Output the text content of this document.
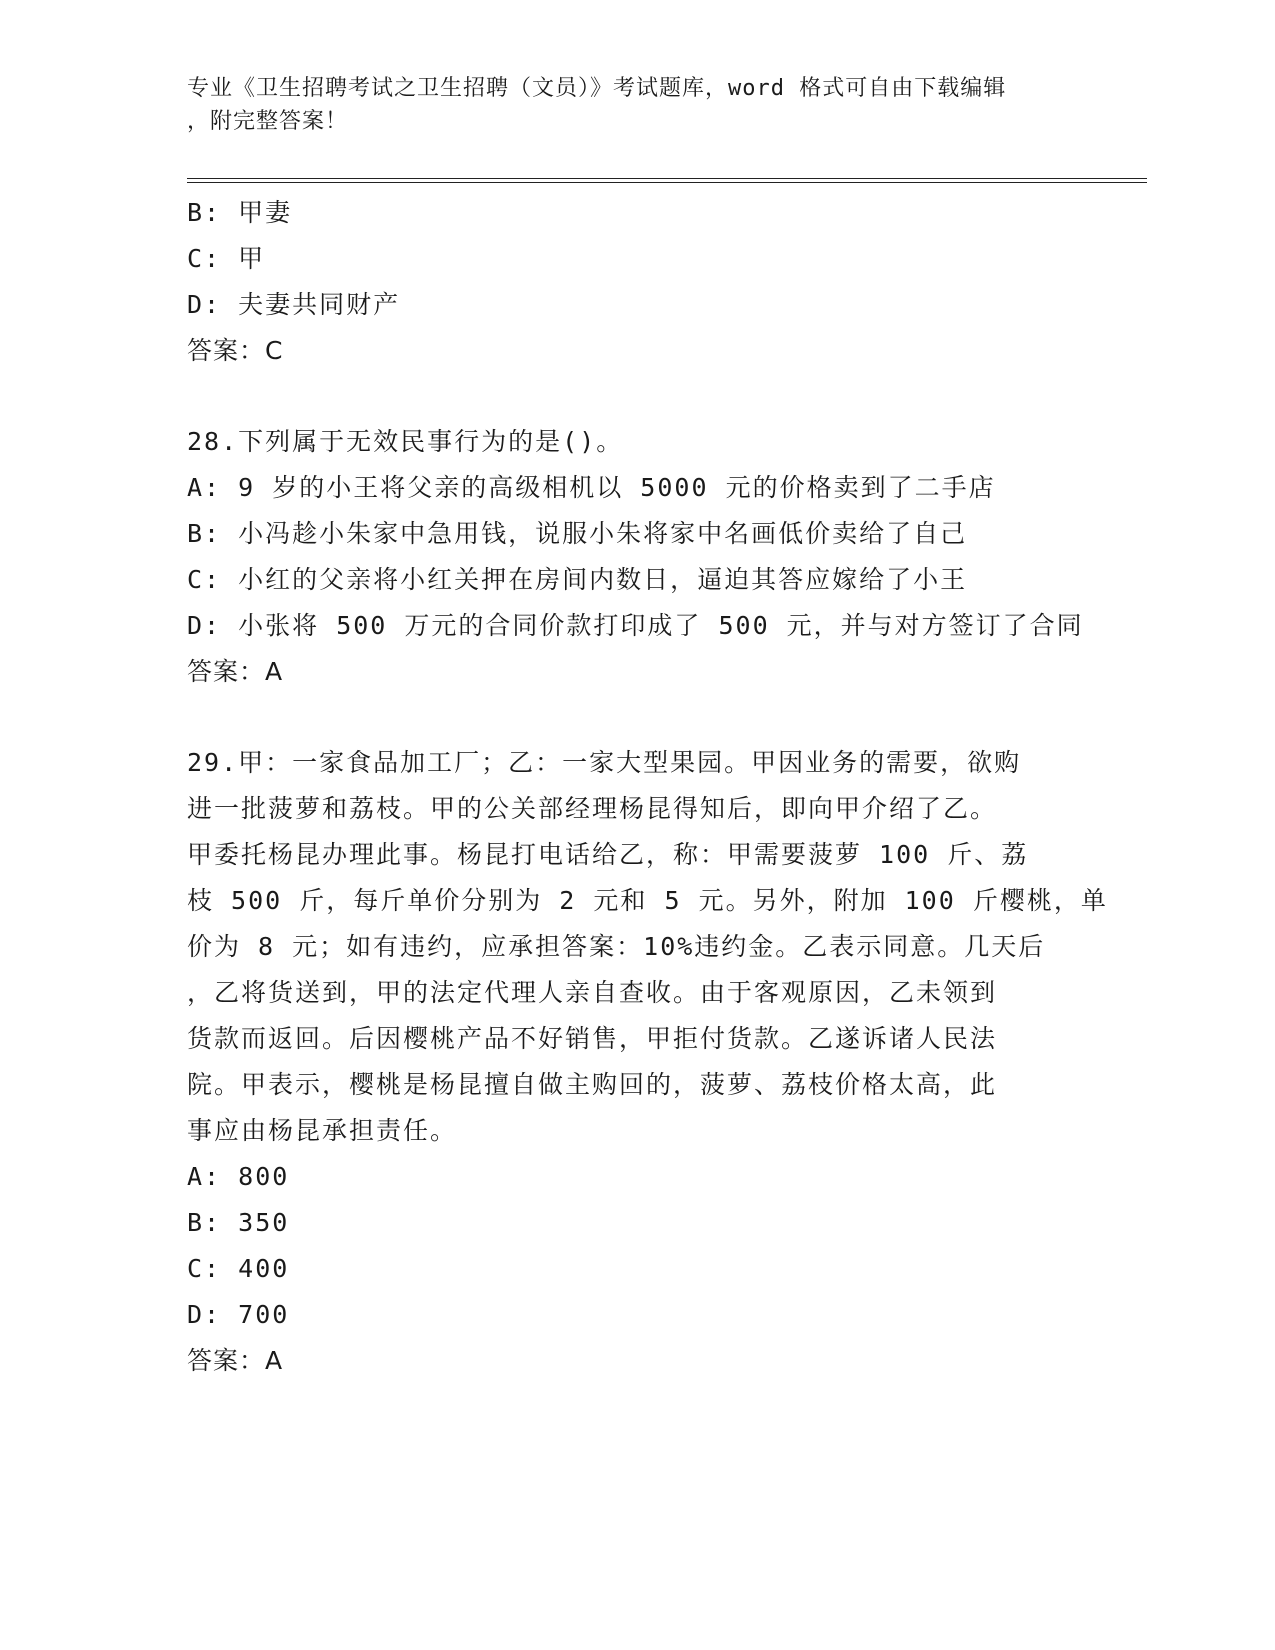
专业《卫生招聘考试之卫生招聘（文员）》考试题库，word 格式可自由下载编辑
，附完整答案！
B: 甲妻
C: 甲
D: 夫妻共同财产
答案：C
28.下列属于无效民事行为的是()。
A: 9 岁的小王将父亲的高级相机以 5000 元的价格卖到了二手店
B: 小冯趁小朱家中急用钱，说服小朱将家中名画低价卖给了自己
C: 小红的父亲将小红关押在房间内数日，逼迫其答应嫁给了小王
D: 小张将 500 万元的合同价款打印成了 500 元，并与对方签订了合同
答案：A
29.甲：一家食品加工厂；乙：一家大型果园。甲因业务的需要，欲购
进一批菠萝和荔枝。甲的公关部经理杨昆得知后，即向甲介绍了乙。
甲委托杨昆办理此事。杨昆打电话给乙，称：甲需要菠萝 100 斤、荔
枝 500 斤，每斤单价分别为 2 元和 5 元。另外，附加 100 斤樱桃，单
价为 8 元；如有违约，应承担答案：10%违约金。乙表示同意。几天后
，乙将货送到，甲的法定代理人亲自查收。由于客观原因，乙未领到
货款而返回。后因樱桃产品不好销售，甲拒付货款。乙遂诉诸人民法
院。甲表示，樱桃是杨昆擅自做主购回的，菠萝、荔枝价格太高，此
事应由杨昆承担责任。
A: 800
B: 350
C: 400
D: 700
答案：A
